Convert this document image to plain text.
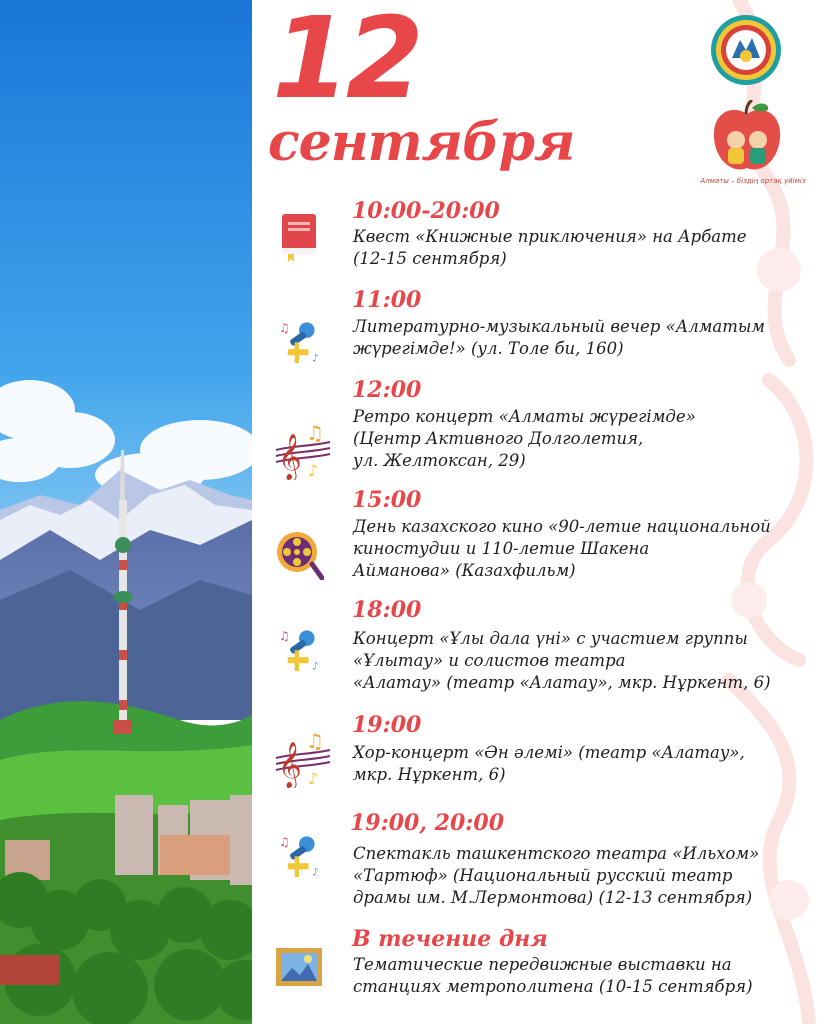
12
сентября
Алматы – біздің ортақ үйіміз
10:00-20:00
Квест «Книжные приключения» на Арбате
(12-15 сентября)
♫
♪
11:00
Литературно-музыкальный вечер «Алматым
жүрегімде!» (ул. Толе би, 160)
𝄞
♫
♪
12:00
Ретро концерт «Алматы жүрегімде»
(Центр Активного Долголетия,
ул. Желтоксан, 29)
15:00
День казахского кино «90-летие национальной
киностудии и 110-летие Шакена
Айманова» (Казахфильм)
♫
♪
18:00
Концерт «Ұлы дала үні» с участием группы
«Ұлытау» и солистов театра
«Алатау» (театр «Алатау», мкр. Нұркент, 6)
𝄞
♫
♪
19:00
Хор-концерт «Ән әлемі» (театр «Алатау»,
мкр. Нұркент, 6)
♫
♪
19:00, 20:00
Спектакль ташкентского театра «Ильхом»
«Тартюф» (Национальный русский театр
драмы им. М.Лермонтова) (12-13 сентября)
В течение дня
Тематические передвижные выставки на
станциях метрополитена (10-15 сентября)
